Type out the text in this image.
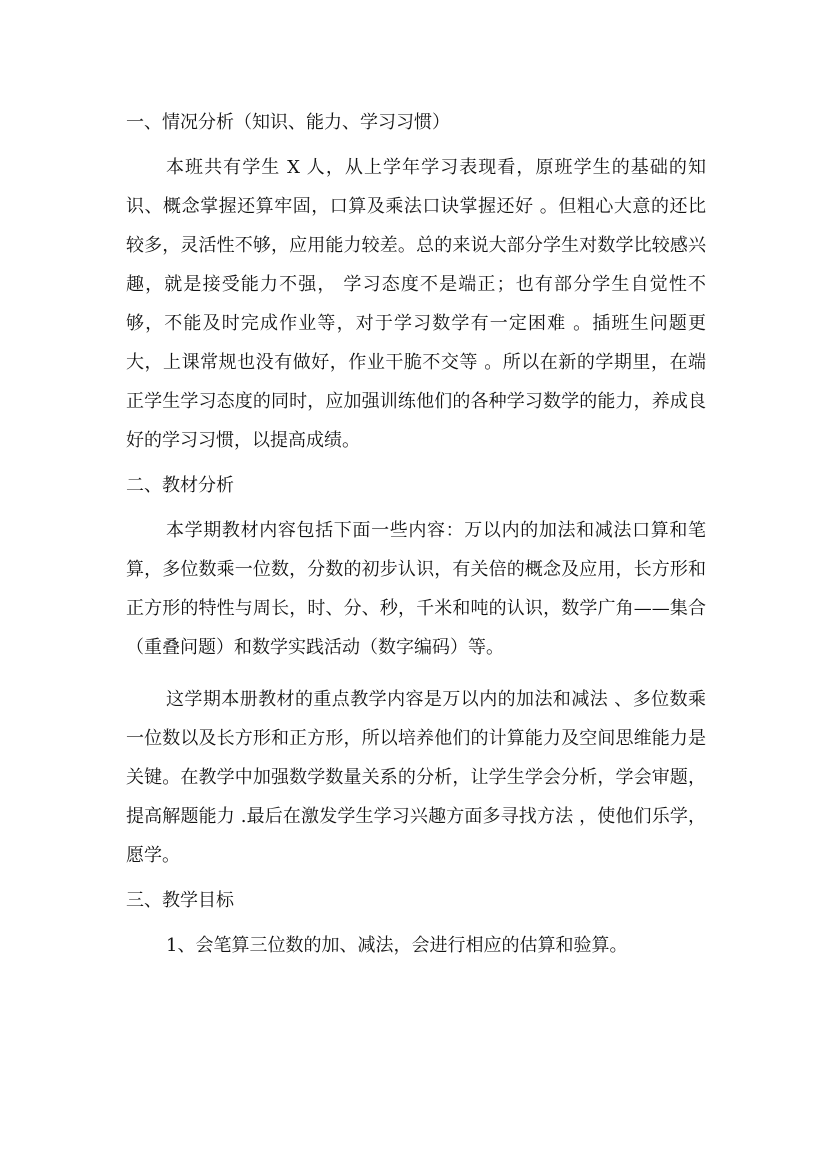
一、情况分析（知识、能力、学习习惯）

本班共有学生 X 人，从上学年学习表现看，原班学生的基础的知识、概念掌握还算牢固，口算及乘法口诀掌握还好 。但粗心大意的还比较多，灵活性不够，应用能力较差。总的来说大部分学生对数学比较感兴趣，就是接受能力不强， 学习态度不是端正；也有部分学生自觉性不够，不能及时完成作业等，对于学习数学有一定困难 。插班生问题更大，上课常规也没有做好，作业干脆不交等 。所以在新的学期里，在端正学生学习态度的同时，应加强训练他们的各种学习数学的能力，养成良好的学习习惯，以提高成绩。

二、教材分析

本学期教材内容包括下面一些内容：万以内的加法和减法口算和笔算，多位数乘一位数，分数的初步认识，有关倍的概念及应用，长方形和正方形的特性与周长，时、分、秒，千米和吨的认识，数学广角——集合（重叠问题）和数学实践活动（数字编码）等。

这学期本册教材的重点教学内容是万以内的加法和减法 、多位数乘一位数以及长方形和正方形，所以培养他们的计算能力及空间思维能力是关键。在教学中加强数学数量关系的分析，让学生学会分析，学会审题，提高解题能力 .最后在激发学生学习兴趣方面多寻找方法 ，使他们乐学，愿学。

三、教学目标

1、会笔算三位数的加、减法，会进行相应的估算和验算。
